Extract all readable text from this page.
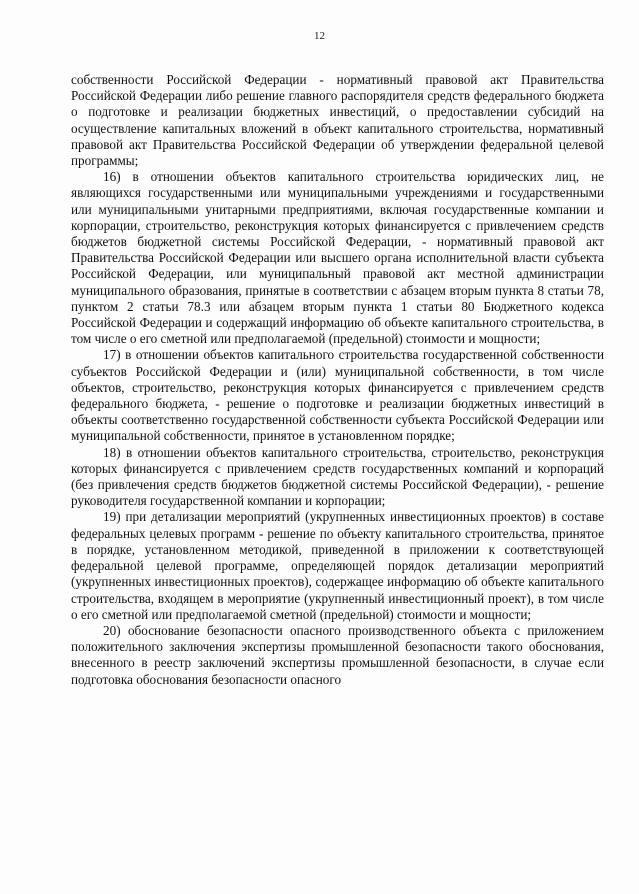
12

собственности Российской Федерации - нормативный правовой акт Правительства Российской Федерации либо решение главного распорядителя средств федерального бюджета о подготовке и реализации бюджетных инвестиций, о предоставлении субсидий на осуществление капитальных вложений в объект капитального строительства, нормативный правовой акт Правительства Российской Федерации об утверждении федеральной целевой программы;

16) в отношении объектов капитального строительства юридических лиц, не являющихся государственными или муниципальными учреждениями и государственными или муниципальными унитарными предприятиями, включая государственные компании и корпорации, строительство, реконструкция которых финансируется с привлечением средств бюджетов бюджетной системы Российской Федерации, - нормативный правовой акт Правительства Российской Федерации или высшего органа исполнительной власти субъекта Российской Федерации, или муниципальный правовой акт местной администрации муниципального образования, принятые в соответствии с абзацем вторым пункта 8 статьи 78, пунктом 2 статьи 78.3 или абзацем вторым пункта 1 статьи 80 Бюджетного кодекса Российской Федерации и содержащий информацию об объекте капитального строительства, в том числе о его сметной или предполагаемой (предельной) стоимости и мощности;

17) в отношении объектов капитального строительства государственной собственности субъектов Российской Федерации и (или) муниципальной собственности, в том числе объектов, строительство, реконструкция которых финансируется с привлечением средств федерального бюджета, - решение о подготовке и реализации бюджетных инвестиций в объекты соответственно государственной собственности субъекта Российской Федерации или муниципальной собственности, принятое в установленном порядке;

18) в отношении объектов капитального строительства, строительство, реконструкция которых финансируется с привлечением средств государственных компаний и корпораций (без привлечения средств бюджетов бюджетной системы Российской Федерации), - решение руководителя государственной компании и корпорации;

19) при детализации мероприятий (укрупненных инвестиционных проектов) в составе федеральных целевых программ - решение по объекту капитального строительства, принятое в порядке, установленном методикой, приведенной в приложении к соответствующей федеральной целевой программе, определяющей порядок детализации мероприятий (укрупненных инвестиционных проектов), содержащее информацию об объекте капитального строительства, входящем в мероприятие (укрупненный инвестиционный проект), в том числе о его сметной или предполагаемой сметной (предельной) стоимости и мощности;

20) обоснование безопасности опасного производственного объекта с приложением положительного заключения экспертизы промышленной безопасности такого обоснования, внесенного в реестр заключений экспертизы промышленной безопасности, в случае если подготовка обоснования безопасности опасного
